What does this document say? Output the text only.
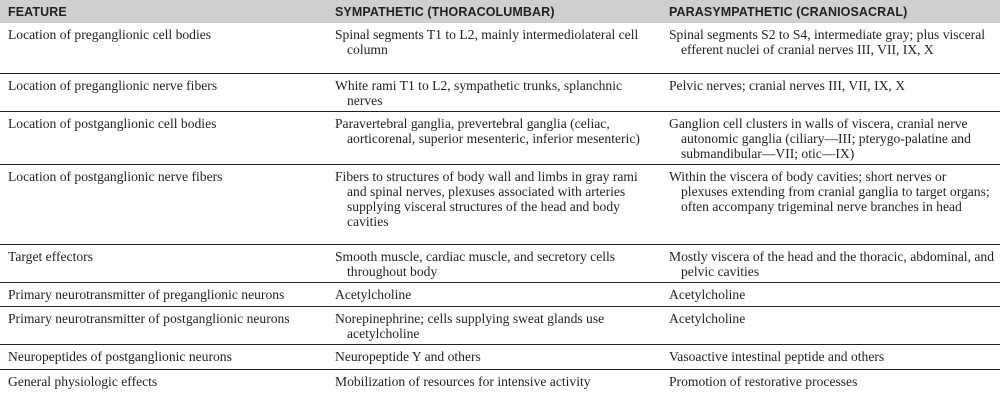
FEATURE	SYMPATHETIC (THORACOLUMBAR)	PARASYMPATHETIC (CRANIOSACRAL)

Location of preganglionic cell bodies	Spinal segments T1 to L2, mainly intermediolateral cell column	Spinal segments S2 to S4, intermediate gray; plus visceral efferent nuclei of cranial nerves III, VII, IX, X

Location of preganglionic nerve fibers	White rami T1 to L2, sympathetic trunks, splanchnic nerves	Pelvic nerves; cranial nerves III, VII, IX, X

Location of postganglionic cell bodies	Paravertebral ganglia, prevertebral ganglia (celiac, aorticorenal, superior mesenteric, inferior mesenteric)	Ganglion cell clusters in walls of viscera, cranial nerve autonomic ganglia (ciliary—III; pterygo-palatine and submandibular—VII; otic—IX)

Location of postganglionic nerve fibers	Fibers to structures of body wall and limbs in gray rami and spinal nerves, plexuses associated with arteries supplying visceral structures of the head and body cavities	Within the viscera of body cavities; short nerves or plexuses extending from cranial ganglia to target organs; often accompany trigeminal nerve branches in head

Target effectors	Smooth muscle, cardiac muscle, and secretory cells throughout body	Mostly viscera of the head and the thoracic, abdominal, and pelvic cavities

Primary neurotransmitter of preganglionic neurons	Acetylcholine	Acetylcholine

Primary neurotransmitter of postganglionic neurons	Norepinephrine; cells supplying sweat glands use acetylcholine	Acetylcholine

Neuropeptides of postganglionic neurons	Neuropeptide Y and others	Vasoactive intestinal peptide and others

General physiologic effects	Mobilization of resources for intensive activity	Promotion of restorative processes
